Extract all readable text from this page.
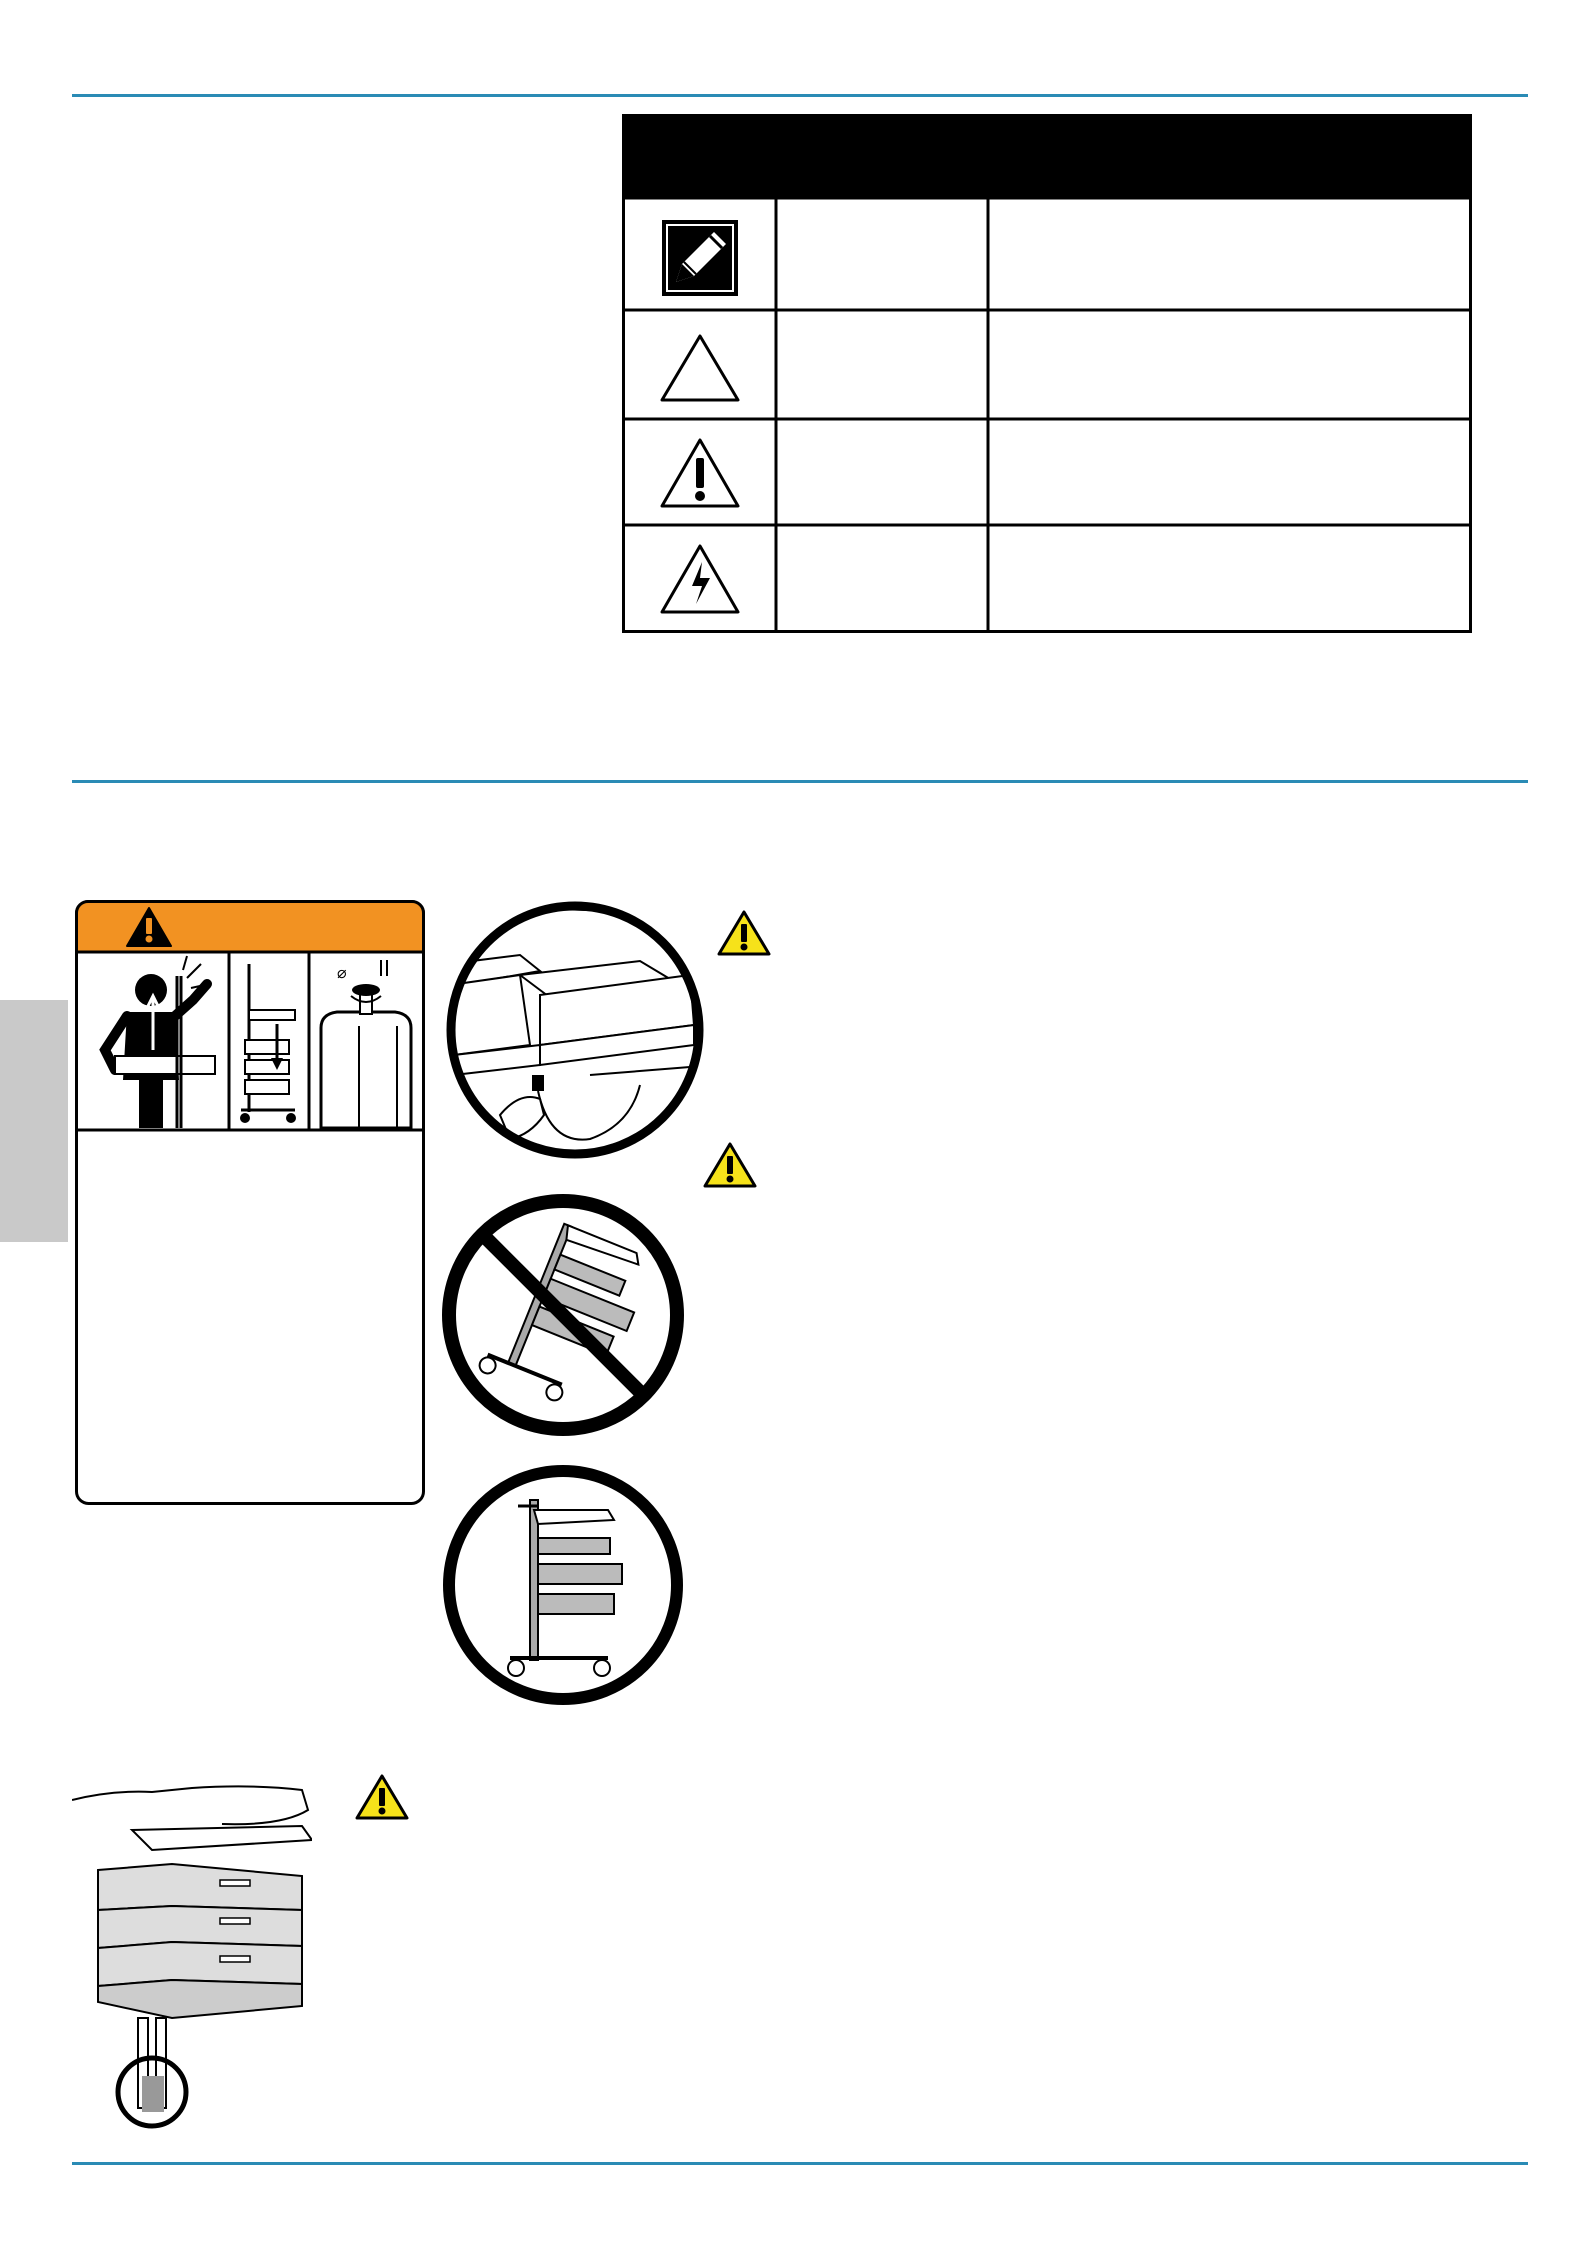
⌀
